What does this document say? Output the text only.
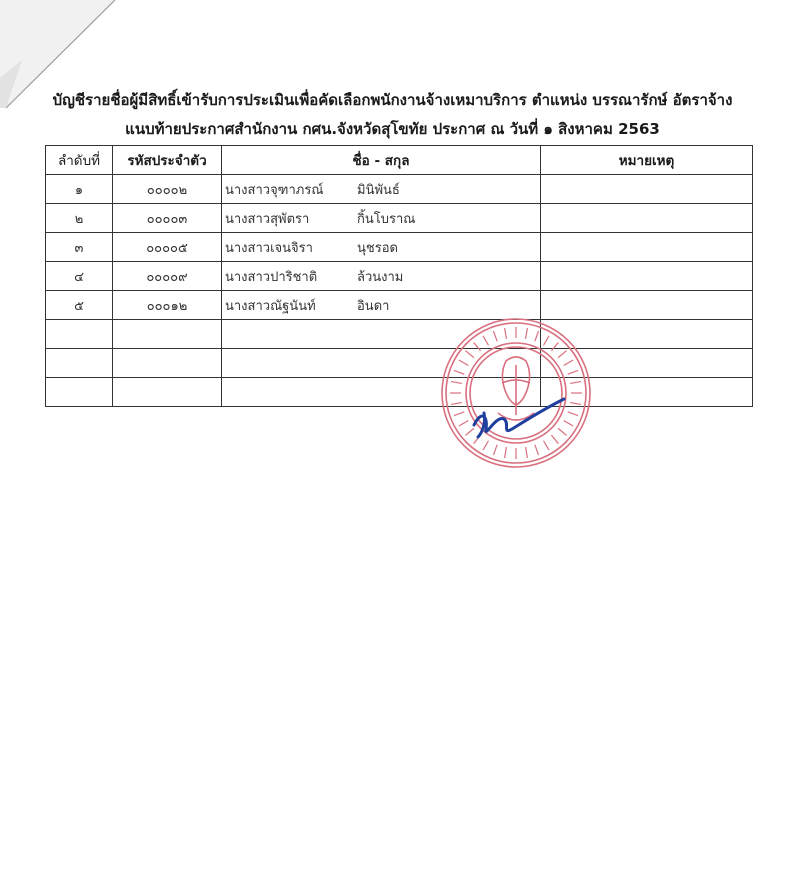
บัญชีรายชื่อผู้มีสิทธิ์เข้ารับการประเมินเพื่อคัดเลือกพนักงานจ้างเหมาบริการ ตำแหน่ง บรรณารักษ์ อัตราจ้าง
แนบท้ายประกาศสำนักงาน กศน.จังหวัดสุโขทัย ประกาศ ณ วันที่ ๑ สิงหาคม 2563
ลำดับที่	รหัสประจำตัว	ชื่อ - สกุล	หมายเหตุ
๑	๐๐๐๐๒	นางสาวจุฑาภรณ์ มินิพันธ์	
๒	๐๐๐๐๓	นางสาวสุพัตรา กิ้นโบราณ	
๓	๐๐๐๐๕	นางสาวเจนจิรา นุชรอด	
๔	๐๐๐๐๙	นางสาวปาริชาติ ล้วนงาม	
๕	๐๐๐๑๒	นางสาวณัฐนันท์ อินดา	
